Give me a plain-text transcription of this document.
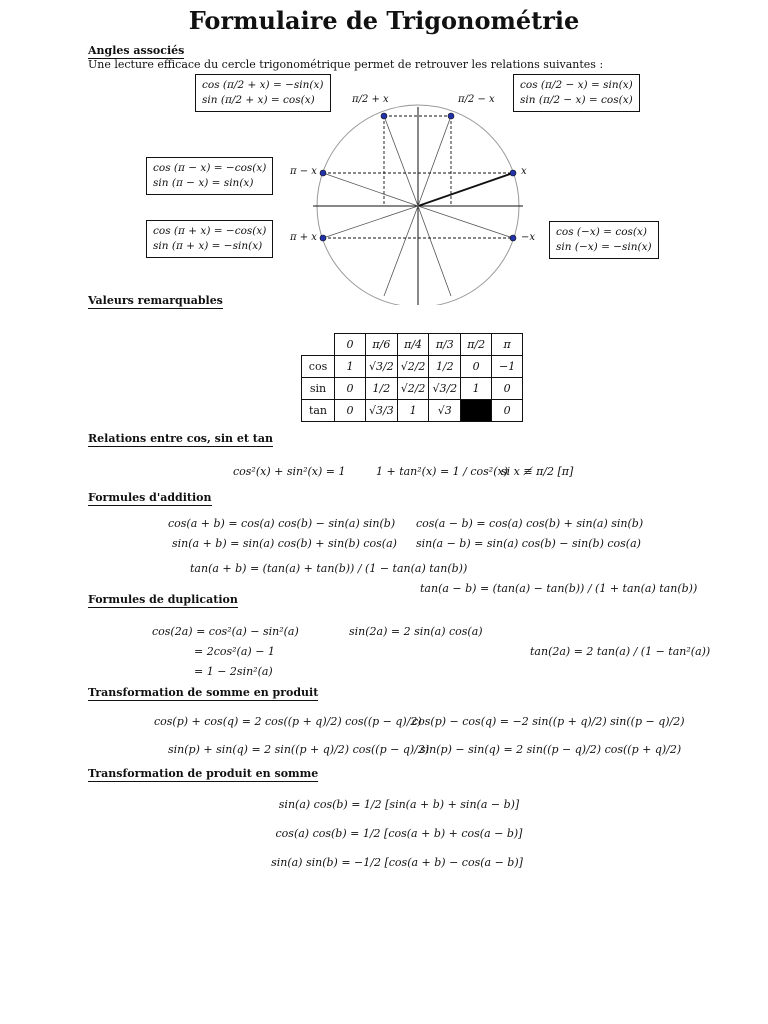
Formulaire de Trigonométrie
Angles associés
Une lecture efficace du cercle trigonométrique permet de retrouver les relations suivantes :
π/2 + x	π/2 − x
π − x	x
π + x	−x
cos (π/2 + x) = −sin(x)
sin (π/2 + x) = cos(x)
cos (π/2 − x) = sin(x)
sin (π/2 − x) = cos(x)
cos (π − x) = −cos(x)
sin (π − x) = sin(x)
cos (π + x) = −cos(x)
sin (π + x) = −sin(x)
cos (−x) = cos(x)
sin (−x) = −sin(x)
Valeurs remarquables
	0	π/6	π/4	π/3	π/2	π
cos	1	√3/2	√2/2	1/2	0	−1
sin	0	1/2	√2/2	√3/2	1	0
tan	0	√3/3	1	√3		0
Relations entre cos, sin et tan
cos²(x) + sin²(x) = 1	1 + tan²(x) = 1 / cos²(x)
si x ≢ π/2 [π]
Formules d'addition
cos(a + b) = cos(a) cos(b) − sin(a) sin(b) cos(a − b) = cos(a) cos(b) + sin(a) sin(b)
sin(a + b) = sin(a) cos(b) + sin(b) cos(a) sin(a − b) = sin(a) cos(b) − sin(b) cos(a)
tan(a + b) = (tan(a) + tan(b)) / (1 − tan(a) tan(b))
tan(a − b) = (tan(a) − tan(b)) / (1 + tan(a) tan(b))
Formules de duplication
cos(2a) = cos²(a) − sin²(a)
= 2cos²(a) − 1
= 1 − 2sin²(a)
sin(2a) = 2 sin(a) cos(a)
tan(2a) = 2 tan(a) / (1 − tan²(a))
Transformation de somme en produit
cos(p) + cos(q) = 2 cos((p + q)/2) cos((p − q)/2)
cos(p) − cos(q) = −2 sin((p + q)/2) sin((p − q)/2)
sin(p) + sin(q) = 2 sin((p + q)/2) cos((p − q)/2)
sin(p) − sin(q) = 2 sin((p − q)/2) cos((p + q)/2)
Transformation de produit en somme
sin(a) cos(b) = 1/2 [sin(a + b) + sin(a − b)]
cos(a) cos(b) = 1/2 [cos(a + b) + cos(a − b)]
sin(a) sin(b) = −1/2 [cos(a + b) − cos(a − b)]
